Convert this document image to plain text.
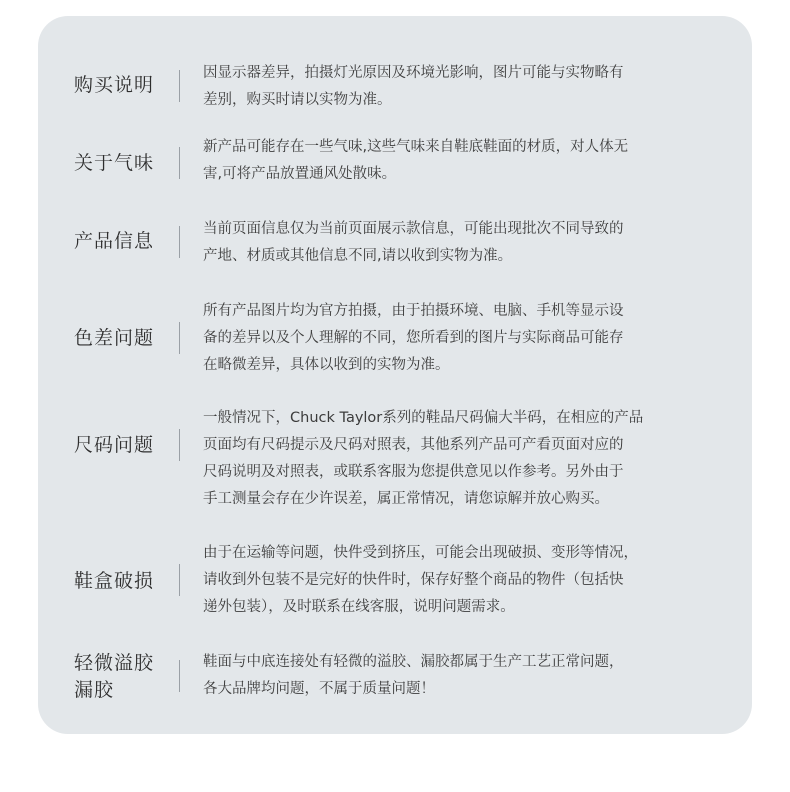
购买说明
因显示器差异，拍摄灯光原因及环境光影响，图片可能与实物略有
差别，购买时请以实物为准。
关于气味
新产品可能存在一些气味,这些气味来自鞋底鞋面的材质，对人体无
害,可将产品放置通风处散味。
产品信息
当前页面信息仅为当前页面展示款信息，可能出现批次不同导致的
产地、材质或其他信息不同,请以收到实物为准。
色差问题
所有产品图片均为官方拍摄，由于拍摄环境、电脑、手机等显示设
备的差异以及个人理解的不同，您所看到的图片与实际商品可能存
在略微差异，具体以收到的实物为准。
尺码问题
一般情况下，Chuck Taylor系列的鞋品尺码偏大半码，在相应的产品
页面均有尺码提示及尺码对照表，其他系列产品可产看页面对应的
尺码说明及对照表，或联系客服为您提供意见以作参考。另外由于
手工测量会存在少许误差，属正常情况，请您谅解并放心购买。
鞋盒破损
由于在运输等问题，快件受到挤压，可能会出现破损、变形等情况，
请收到外包装不是完好的快件时，保存好整个商品的物件（包括快
递外包装），及时联系在线客服，说明问题需求。
轻微溢胶
漏胶
鞋面与中底连接处有轻微的溢胶、漏胶都属于生产工艺正常问题，
各大品牌均问题，不属于质量问题！
